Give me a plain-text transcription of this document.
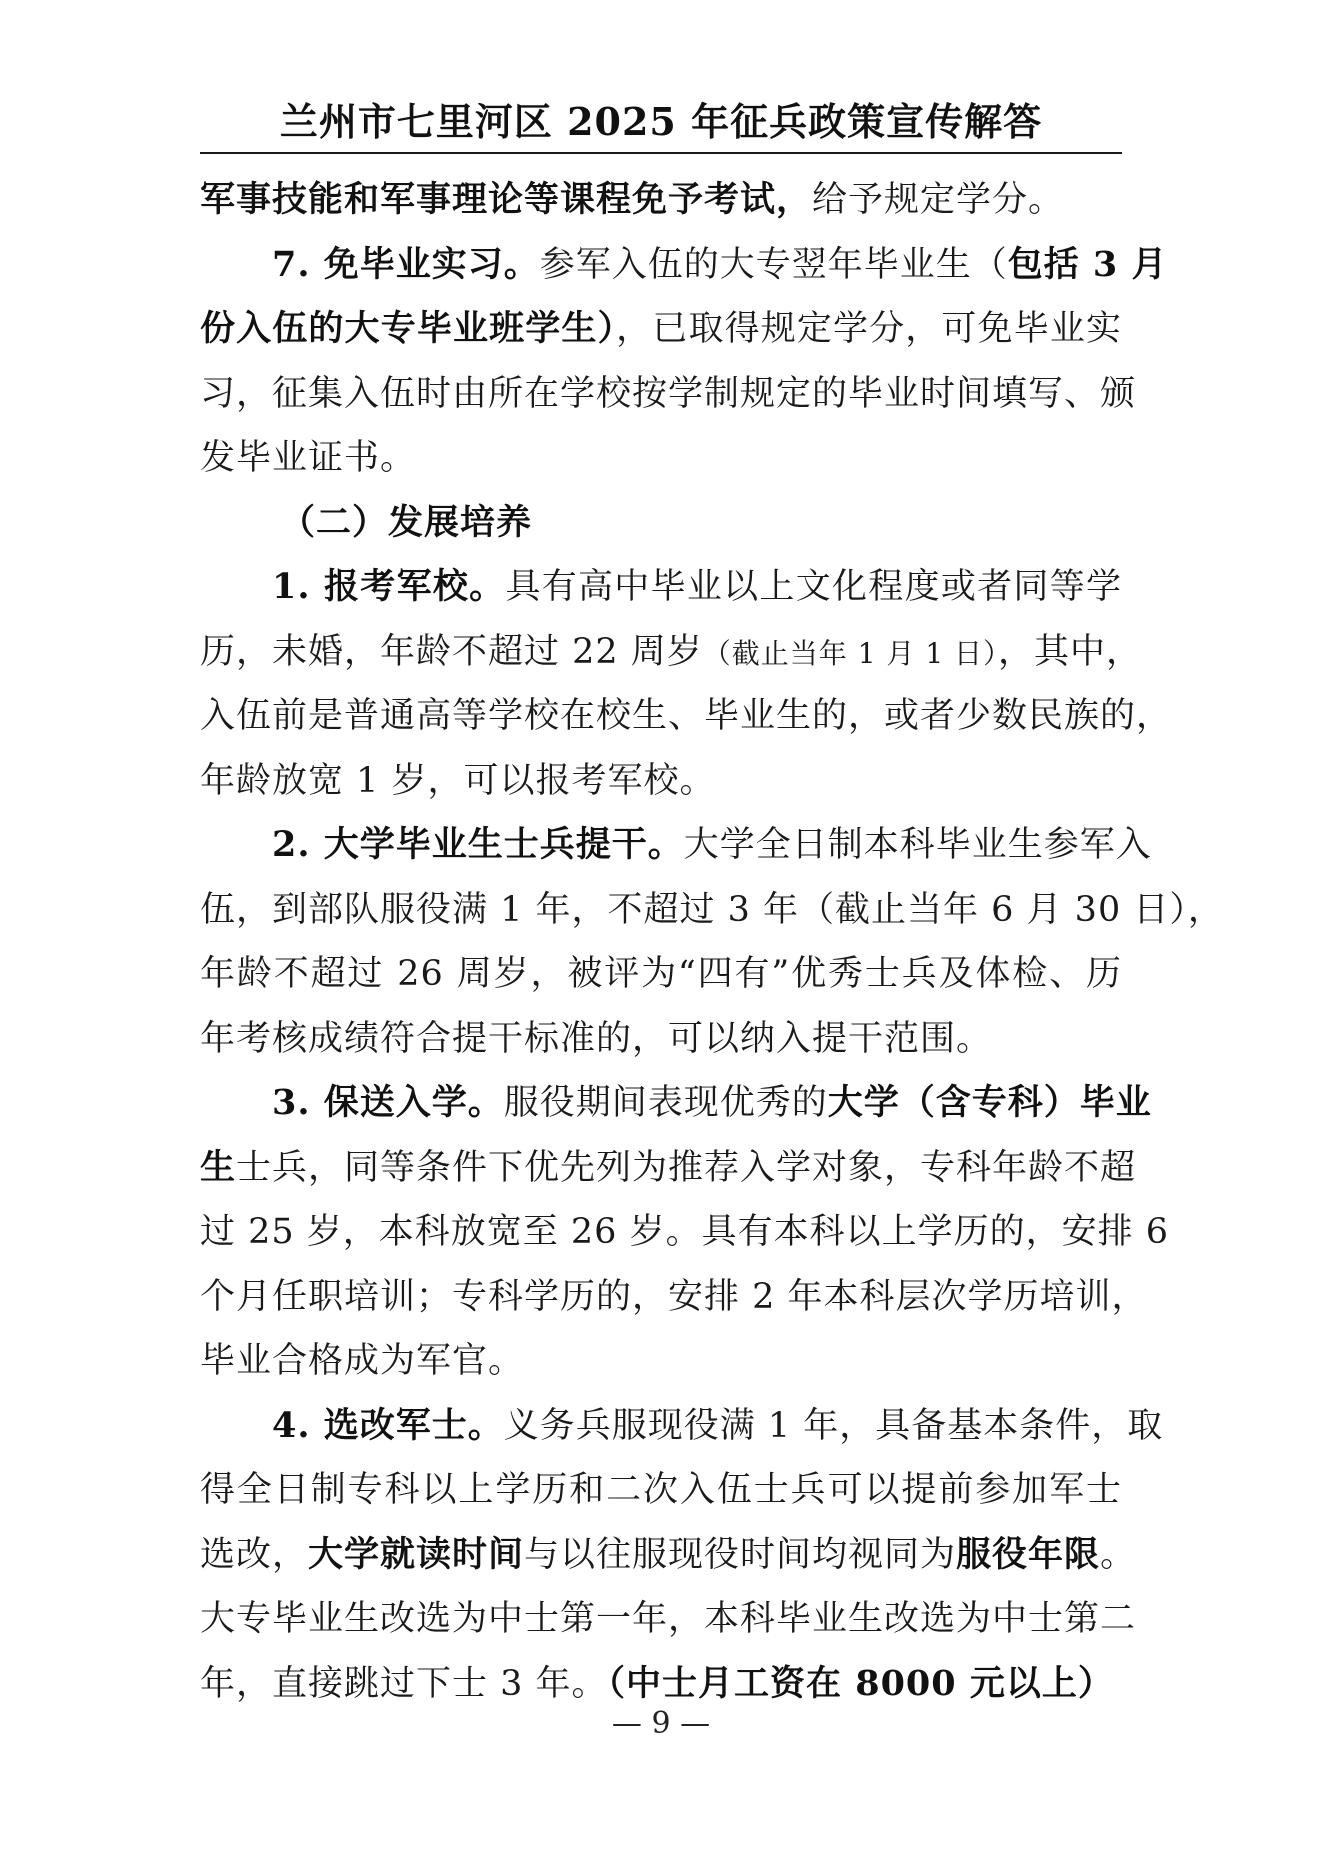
兰州市七里河区 2025 年征兵政策宣传解答
军事技能和军事理论等课程免予考试，给予规定学分。
7. 免毕业实习。参军入伍的大专翌年毕业生（包括 3 月
份入伍的大专毕业班学生），已取得规定学分，可免毕业实
习，征集入伍时由所在学校按学制规定的毕业时间填写、颁
发毕业证书。
（二）发展培养
1. 报考军校。具有高中毕业以上文化程度或者同等学
历，未婚，年龄不超过 22 周岁（截止当年 1 月 1 日），其中，
入伍前是普通高等学校在校生、毕业生的，或者少数民族的，
年龄放宽 1 岁，可以报考军校。
2. 大学毕业生士兵提干。大学全日制本科毕业生参军入
伍，到部队服役满 1 年，不超过 3 年（截止当年 6 月 30 日），
年龄不超过 26 周岁，被评为“四有”优秀士兵及体检、历
年考核成绩符合提干标准的，可以纳入提干范围。
3. 保送入学。服役期间表现优秀的大学（含专科）毕业
生士兵，同等条件下优先列为推荐入学对象，专科年龄不超
过 25 岁，本科放宽至 26 岁。具有本科以上学历的，安排 6
个月任职培训；专科学历的，安排 2 年本科层次学历培训，
毕业合格成为军官。
4. 选改军士。义务兵服现役满 1 年，具备基本条件，取
得全日制专科以上学历和二次入伍士兵可以提前参加军士
选改，大学就读时间与以往服现役时间均视同为服役年限。
大专毕业生改选为中士第一年，本科毕业生改选为中士第二
年，直接跳过下士 3 年。（中士月工资在 8000 元以上）
— 9 —
